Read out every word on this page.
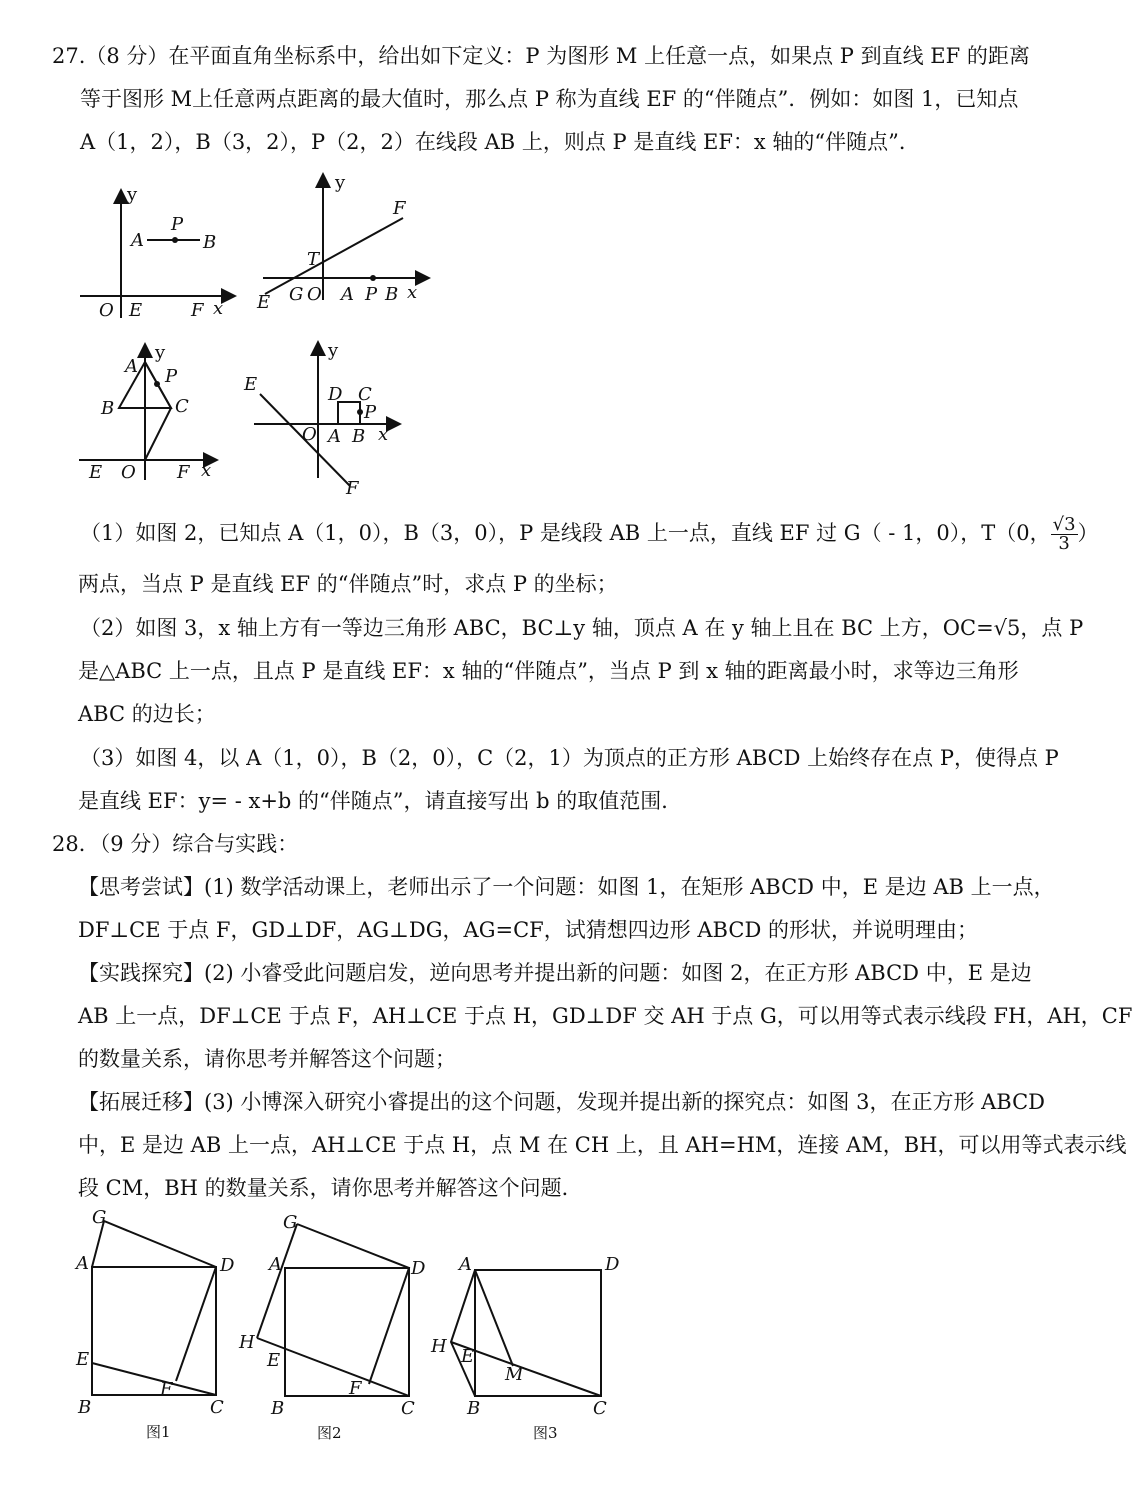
27.（8 分）在平面直角坐标系中，给出如下定义：P 为图形 M 上任意一点，如果点 P 到直线 EF 的距离
等于图形 M上任意两点距离的最大值时，那么点 P 称为直线 EF 的“伴随点”．例如：如图 1，已知点
A（1，2），B（3，2），P（2，2）在线段 AB 上，则点 P 是直线 EF：x 轴的“伴随点”．
y
P
A	B
O E	F x
y
F
T
E G O A P B x
A
y
P
B	C
E O F x
y
E	D C
P
O A B x
F
（1）如图 2，已知点 A（1，0），B（3，0），P 是线段 AB 上一点，直线 EF 过 G（ - 1，0），T（0， $\frac{√3}{3}$ ）
两点，当点 P 是直线 EF 的“伴随点”时，求点 P 的坐标；
（2）如图 3，x 轴上方有一等边三角形 ABC，BC⊥y 轴，顶点 A 在 y 轴上且在 BC 上方，OC=√5，点 P
是△ABC 上一点，且点 P 是直线 EF：x 轴的“伴随点”，当点 P 到 x 轴的距离最小时，求等边三角形
ABC 的边长；
（3）如图 4，以 A（1，0），B（2，0），C（2，1）为顶点的正方形 ABCD 上始终存在点 P，使得点 P
是直线 EF：y= - x+b 的“伴随点”，请直接写出 b 的取值范围．
28．（9 分）综合与实践：
【思考尝试】(1) 数学活动课上，老师出示了一个问题：如图 1，在矩形 ABCD 中，E 是边 AB 上一点，
DF⊥CE 于点 F，GD⊥DF，AG⊥DG，AG=CF，试猜想四边形 ABCD 的形状，并说明理由；
【实践探究】(2) 小睿受此问题启发，逆向思考并提出新的问题：如图 2，在正方形 ABCD 中，E 是边
AB 上一点，DF⊥CE 于点 F，AH⊥CE 于点 H，GD⊥DF 交 AH 于点 G，可以用等式表示线段 FH，AH，CF
的数量关系，请你思考并解答这个问题；
【拓展迁移】(3) 小博深入研究小睿提出的这个问题，发现并提出新的探究点：如图 3，在正方形 ABCD
中，E 是边 AB 上一点，AH⊥CE 于点 H，点 M 在 CH 上，且 AH=HM，连接 AM，BH，可以用等式表示线
段 CM，BH 的数量关系，请你思考并解答这个问题．
G
A	D
E
F
B	C
图1
G
A	D
H
E
F
B	C
图2
A	D
H E
M
B	C
图3
